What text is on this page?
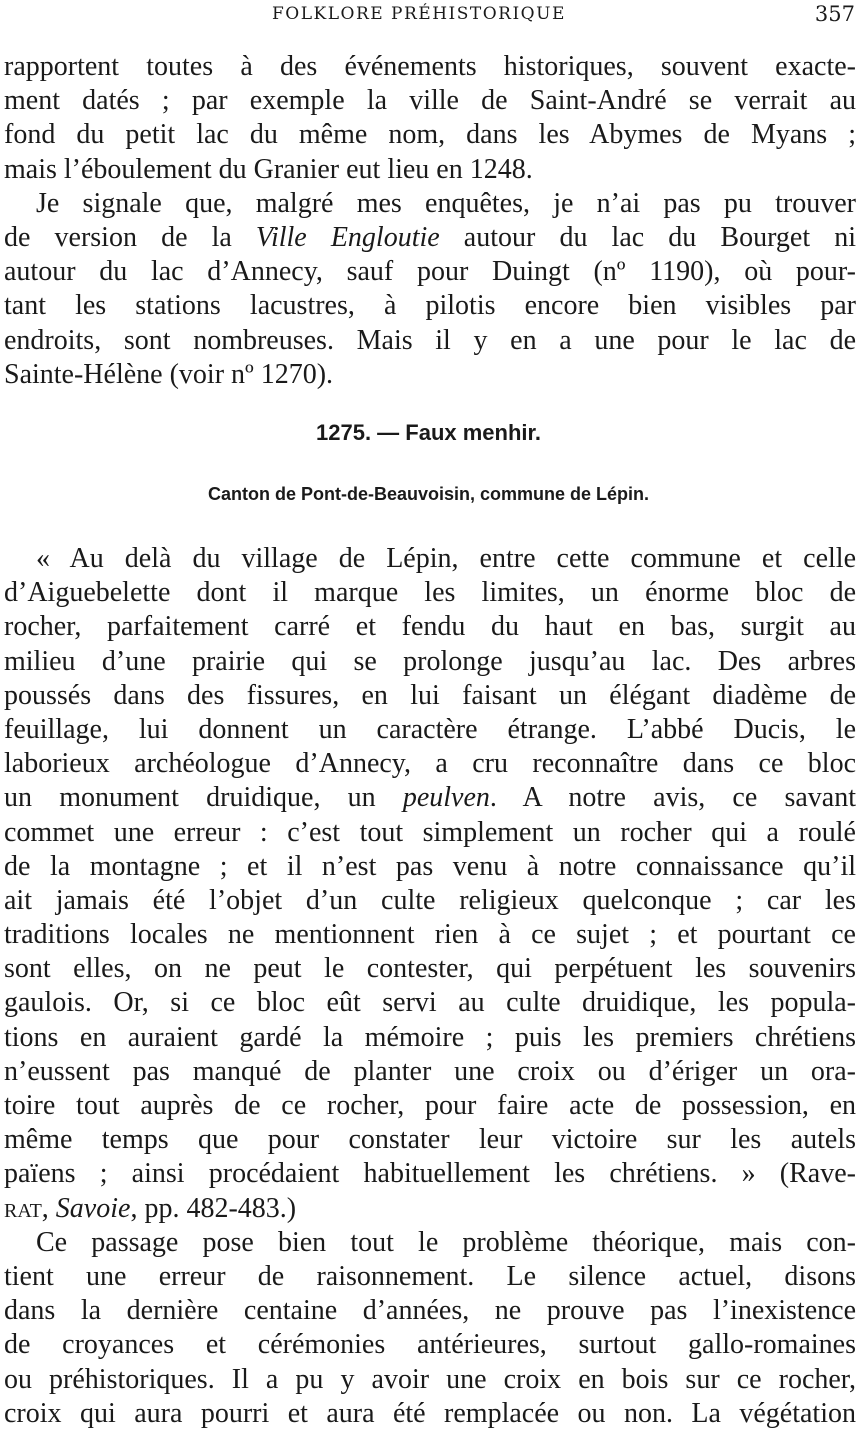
FOLKLORE PRÉHISTORIQUE	357
rapportent toutes à des événements historiques, souvent exacte-
ment datés ; par exemple la ville de Saint-André se verrait au
fond du petit lac du même nom, dans les Abymes de Myans ;
mais l’éboulement du Granier eut lieu en 1248.
Je signale que, malgré mes enquêtes, je n’ai pas pu trouver
de version de la Ville Engloutie autour du lac du Bourget ni
autour du lac d’Annecy, sauf pour Duingt (nº 1190), où pour-
tant les stations lacustres, à pilotis encore bien visibles par
endroits, sont nombreuses. Mais il y en a une pour le lac de
Sainte-Hélène (voir nº 1270).
1275. — Faux menhir.
Canton de Pont-de-Beauvoisin, commune de Lépin.
« Au delà du village de Lépin, entre cette commune et celle
d’Aiguebelette dont il marque les limites, un énorme bloc de
rocher, parfaitement carré et fendu du haut en bas, surgit au
milieu d’une prairie qui se prolonge jusqu’au lac. Des arbres
poussés dans des fissures, en lui faisant un élégant diadème de
feuillage, lui donnent un caractère étrange. L’abbé Ducis, le
laborieux archéologue d’Annecy, a cru reconnaître dans ce bloc
un monument druidique, un peulven. A notre avis, ce savant
commet une erreur : c’est tout simplement un rocher qui a roulé
de la montagne ; et il n’est pas venu à notre connaissance qu’il
ait jamais été l’objet d’un culte religieux quelconque ; car les
traditions locales ne mentionnent rien à ce sujet ; et pourtant ce
sont elles, on ne peut le contester, qui perpétuent les souvenirs
gaulois. Or, si ce bloc eût servi au culte druidique, les popula-
tions en auraient gardé la mémoire ; puis les premiers chrétiens
n’eussent pas manqué de planter une croix ou d’ériger un ora-
toire tout auprès de ce rocher, pour faire acte de possession, en
même temps que pour constater leur victoire sur les autels
païens ; ainsi procédaient habituellement les chrétiens. » (Rave-
rat, Savoie, pp. 482-483.)
Ce passage pose bien tout le problème théorique, mais con-
tient une erreur de raisonnement. Le silence actuel, disons
dans la dernière centaine d’années, ne prouve pas l’inexistence
de croyances et cérémonies antérieures, surtout gallo-romaines
ou préhistoriques. Il a pu y avoir une croix en bois sur ce rocher,
croix qui aura pourri et aura été remplacée ou non. La végétation
